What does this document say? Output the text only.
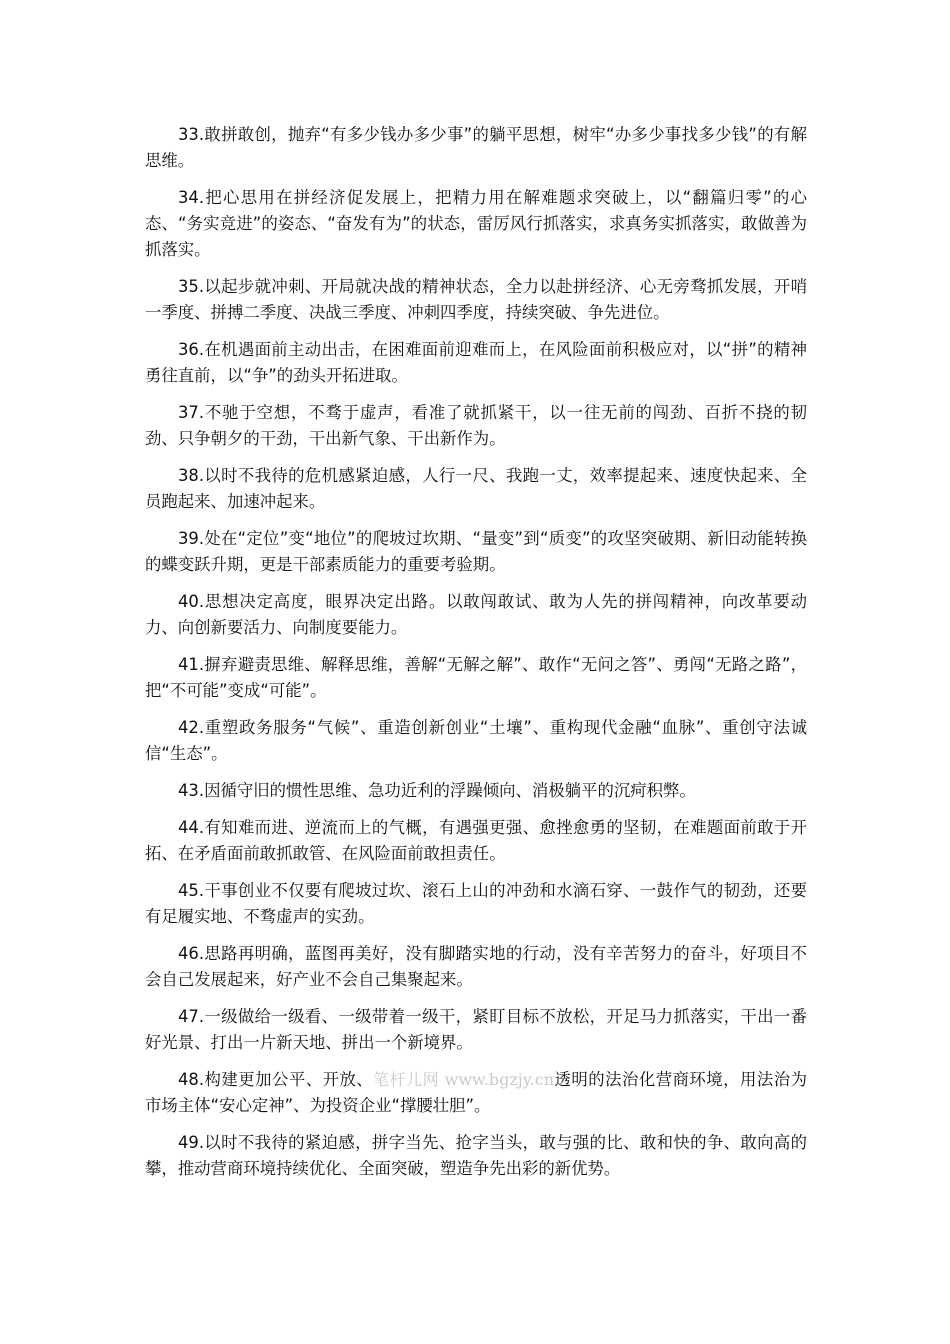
33.敢拼敢创，抛弃“有多少钱办多少事”的躺平思想，树牢“办多少事找多少钱”的有解思维。

34.把心思用在拼经济促发展上，把精力用在解难题求突破上，以“翻篇归零”的心态、“务实竞进”的姿态、“奋发有为”的状态，雷厉风行抓落实，求真务实抓落实，敢做善为抓落实。

35.以起步就冲刺、开局就决战的精神状态，全力以赴拼经济、心无旁骛抓发展，开哨一季度、拼搏二季度、决战三季度、冲刺四季度，持续突破、争先进位。

36.在机遇面前主动出击，在困难面前迎难而上，在风险面前积极应对，以“拼”的精神勇往直前，以“争”的劲头开拓进取。

37.不驰于空想，不骛于虚声，看准了就抓紧干，以一往无前的闯劲、百折不挠的韧劲、只争朝夕的干劲，干出新气象、干出新作为。

38.以时不我待的危机感紧迫感，人行一尺、我跑一丈，效率提起来、速度快起来、全员跑起来、加速冲起来。

39.处在“定位”变“地位”的爬坡过坎期、“量变”到“质变”的攻坚突破期、新旧动能转换的蝶变跃升期，更是干部素质能力的重要考验期。

40.思想决定高度，眼界决定出路。以敢闯敢试、敢为人先的拼闯精神，向改革要动力、向创新要活力、向制度要能力。

41.摒弃避责思维、解释思维，善解“无解之解”、敢作“无问之答”、勇闯“无路之路”，把“不可能”变成“可能”。

42.重塑政务服务“气候”、重造创新创业“土壤”、重构现代金融“血脉”、重创守法诚信“生态”。

43.因循守旧的惯性思维、急功近利的浮躁倾向、消极躺平的沉疴积弊。

44.有知难而进、逆流而上的气概，有遇强更强、愈挫愈勇的坚韧，在难题面前敢于开拓、在矛盾面前敢抓敢管、在风险面前敢担责任。

45.干事创业不仅要有爬坡过坎、滚石上山的冲劲和水滴石穿、一鼓作气的韧劲，还要有足履实地、不骛虚声的实劲。

46.思路再明确，蓝图再美好，没有脚踏实地的行动，没有辛苦努力的奋斗，好项目不会自己发展起来，好产业不会自己集聚起来。

47.一级做给一级看、一级带着一级干，紧盯目标不放松，开足马力抓落实，干出一番好光景、打出一片新天地、拼出一个新境界。

48.构建更加公平、开放、笔杆儿网 www.bgzjy.cn透明的法治化营商环境，用法治为市场主体“安心定神”、为投资企业“撑腰壮胆”。

49.以时不我待的紧迫感，拼字当先、抢字当头，敢与强的比、敢和快的争、敢向高的攀，推动营商环境持续优化、全面突破，塑造争先出彩的新优势。
